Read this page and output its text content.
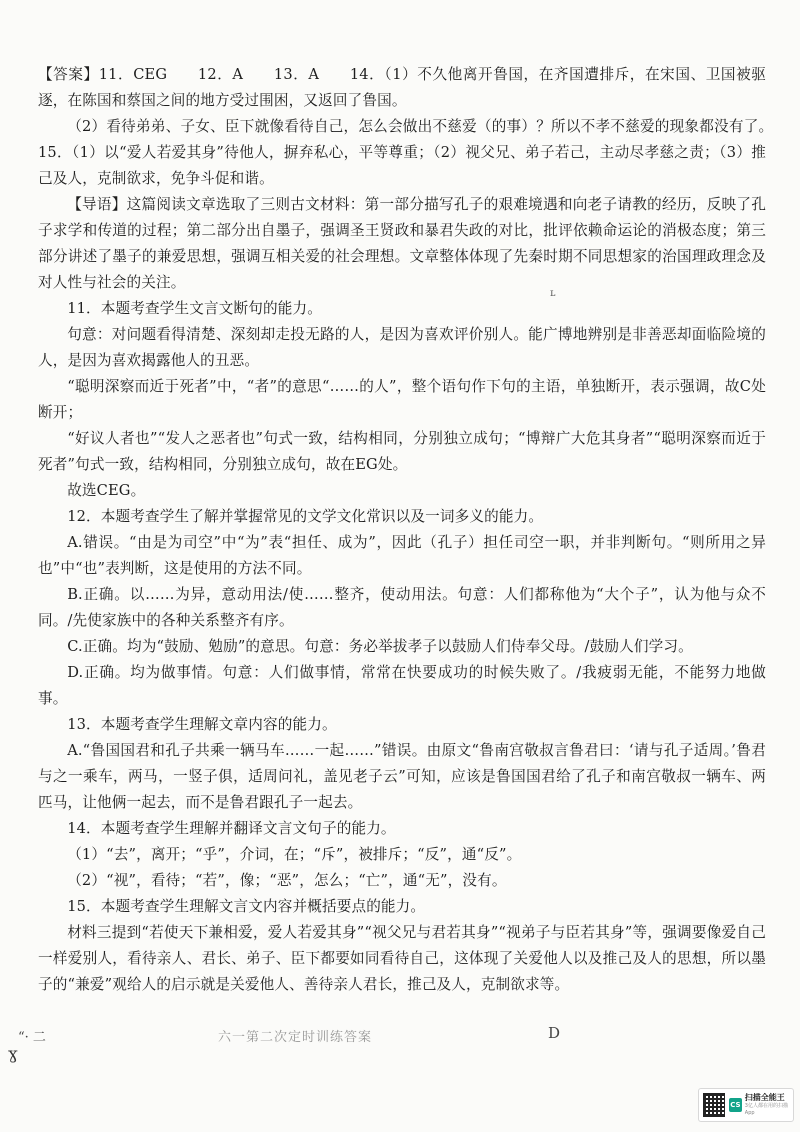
【答案】11．CEG　　12．A　　13．A　　14．（1）不久他离开鲁国，在齐国遭排斥，在宋国、卫国被驱逐，在陈国和蔡国之间的地方受过围困，又返回了鲁国。

（2）看待弟弟、子女、臣下就像看待自己，怎么会做出不慈爱（的事）？所以不孝不慈爱的现象都没有了。　15．（1）以“爱人若爱其身”待他人，摒弃私心，平等尊重；（2）视父兄、弟子若己，主动尽孝慈之责；（3）推己及人，克制欲求，免争斗促和谐。

【导语】这篇阅读文章选取了三则古文材料：第一部分描写孔子的艰难境遇和向老子请教的经历，反映了孔子求学和传道的过程；第二部分出自墨子，强调圣王贤政和暴君失政的对比，批评依赖命运论的消极态度；第三部分讲述了墨子的兼爱思想，强调互相关爱的社会理想。文章整体体现了先秦时期不同思想家的治国理政理念及对人性与社会的关注。

11．本题考查学生文言文断句的能力。

句意：对问题看得清楚、深刻却走投无路的人，是因为喜欢评价别人。能广博地辨别是非善恶却面临险境的人，是因为喜欢揭露他人的丑恶。

“聪明深察而近于死者”中，“者”的意思“……的人”，整个语句作下句的主语，单独断开，表示强调，故C处断开；

“好议人者也”“发人之恶者也”句式一致，结构相同，分别独立成句；“博辩广大危其身者”“聪明深察而近于死者”句式一致，结构相同，分别独立成句，故在EG处。

故选CEG。

12．本题考查学生了解并掌握常见的文学文化常识以及一词多义的能力。

A.错误。“由是为司空”中“为”表“担任、成为”，因此（孔子）担任司空一职，并非判断句。“则所用之异也”中“也”表判断，这是使用的方法不同。

B.正确。以……为异，意动用法/使……整齐，使动用法。句意：人们都称他为“大个子”，认为他与众不同。/先使家族中的各种关系整齐有序。

C.正确。均为“鼓励、勉励”的意思。句意：务必举拔孝子以鼓励人们侍奉父母。/鼓励人们学习。

D.正确。均为做事情。句意：人们做事情，常常在快要成功的时候失败了。/我疲弱无能，不能努力地做事。

13．本题考查学生理解文章内容的能力。

A.“鲁国国君和孔子共乘一辆马车……一起……”错误。由原文“鲁南宫敬叔言鲁君曰：‘请与孔子适周。’鲁君与之一乘车，两马，一竖子俱，适周问礼，盖见老子云”可知，应该是鲁国国君给了孔子和南宫敬叔一辆车、两匹马，让他俩一起去，而不是鲁君跟孔子一起去。

14．本题考查学生理解并翻译文言文句子的能力。

（1）“去”，离开；“乎”，介词，在；“斥”，被排斥；“反”，通“反”。

（2）“视”，看待；“若”，像；“恶”，怎么；“亡”，通“无”，没有。

15．本题考查学生理解文言文内容并概括要点的能力。

材料三提到“若使天下兼相爱，爱人若爱其身”“视父兄与君若其身”“视弟子与臣若其身”等，强调要像爱自己一样爱别人，看待亲人、君长、弟子、臣下都要如同看待自己，这体现了关爱他人以及推己及人的思想，所以墨子的“兼爱”观给人的启示就是关爱他人、善待亲人君长，推己及人，克制欲求等。

ʟ
“· 二	六一第二次定时训练答案	D
ɣ
CS
扫描全能王
3亿人都在用的扫描App
